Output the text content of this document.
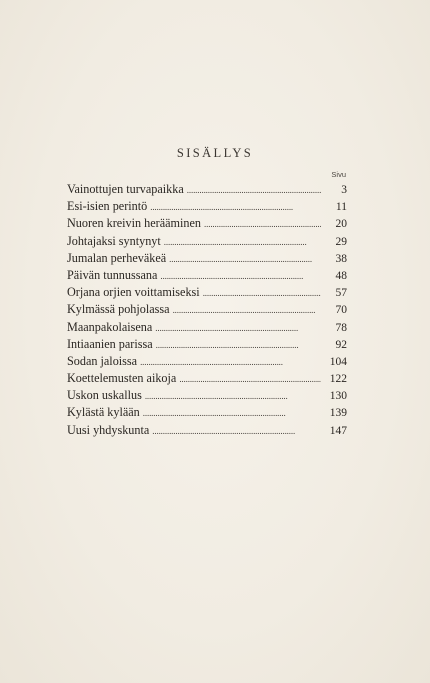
SISÄLLYS
Sivu
Vainottujen turvapaikka . . .	3
Esi-isien perintö . . .	11
Nuoren kreivin herääminen . . .	20
Johtajaksi syntynyt . . .	29
Jumalan perheväkeä . . .	38
Päivän tunnussana . . .	48
Orjana orjien voittamiseksi . . .	57
Kylmässä pohjolassa . . .	70
Maanpakolaisena . . .	78
Intiaanien parissa . . .	92
Sodan jaloissa . . .	104
Koettelemusten aikoja . . .	122
Uskon uskallus . . .	130
Kylästä kylään . . .	139
Uusi yhdyskunta . . .	147
